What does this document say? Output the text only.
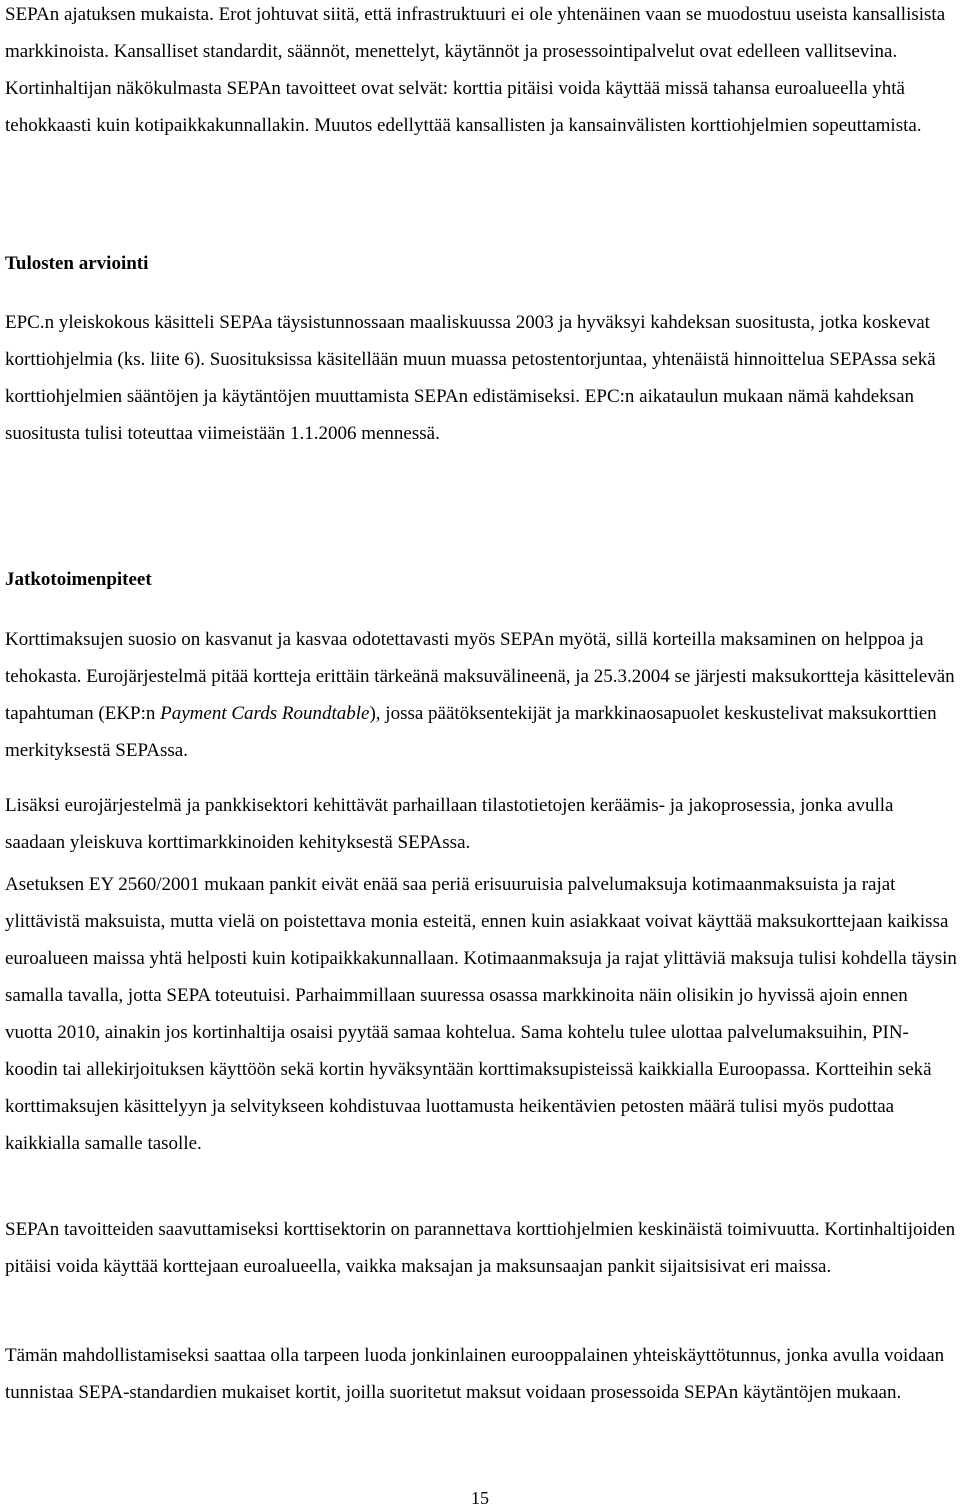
SEPAn ajatuksen mukaista. Erot johtuvat siitä, että infrastruktuuri ei ole yhtenäinen vaan se muodostuu useista kansallisista markkinoista. Kansalliset standardit, säännöt, menettelyt, käytännöt ja prosessointipalvelut ovat edelleen vallitsevina. Kortinhaltijan näkökulmasta SEPAn tavoitteet ovat selvät: korttia pitäisi voida käyttää missä tahansa euroalueella yhtä tehokkaasti kuin kotipaikkakunnallakin. Muutos edellyttää kansallisten ja kansainvälisten korttiohjelmien sopeuttamista.

Tulosten arviointi

EPC.n yleiskokous käsitteli SEPAa täysistunnossaan maaliskuussa 2003 ja hyväksyi kahdeksan suositusta, jotka koskevat korttiohjelmia (ks. liite 6). Suosituksissa käsitellään muun muassa petostentorjuntaa, yhtenäistä hinnoittelua SEPAssa sekä korttiohjelmien sääntöjen ja käytäntöjen muuttamista SEPAn edistämiseksi. EPC:n aikataulun mukaan nämä kahdeksan suositusta tulisi toteuttaa viimeistään 1.1.2006 mennessä.

Jatkotoimenpiteet

Korttimaksujen suosio on kasvanut ja kasvaa odotettavasti myös SEPAn myötä, sillä korteilla maksaminen on helppoa ja tehokasta. Eurojärjestelmä pitää kortteja erittäin tärkeänä maksuvälineenä, ja 25.3.2004 se järjesti maksukortteja käsittelevän tapahtuman (EKP:n Payment Cards Roundtable), jossa päätöksentekijät ja markkinaosapuolet keskustelivat maksukorttien merkityksestä SEPAssa.

Lisäksi eurojärjestelmä ja pankkisektori kehittävät parhaillaan tilastotietojen keräämis- ja jakoprosessia, jonka avulla saadaan yleiskuva korttimarkkinoiden kehityksestä SEPAssa.

Asetuksen EY 2560/2001 mukaan pankit eivät enää saa periä erisuuruisia palvelumaksuja kotimaanmaksuista ja rajat ylittävistä maksuista, mutta vielä on poistettava monia esteitä, ennen kuin asiakkaat voivat käyttää maksukorttejaan kaikissa euroalueen maissa yhtä helposti kuin kotipaikkakunnallaan. Kotimaanmaksuja ja rajat ylittäviä maksuja tulisi kohdella täysin samalla tavalla, jotta SEPA toteutuisi. Parhaimmillaan suuressa osassa markkinoita näin olisikin jo hyvissä ajoin ennen vuotta 2010, ainakin jos kortinhaltija osaisi pyytää samaa kohtelua. Sama kohtelu tulee ulottaa palvelumaksuihin, PIN-koodin tai allekirjoituksen käyttöön sekä kortin hyväksyntään korttimaksupisteissä kaikkialla Euroopassa. Kortteihin sekä korttimaksujen käsittelyyn ja selvitykseen kohdistuvaa luottamusta heikentävien petosten määrä tulisi myös pudottaa kaikkialla samalle tasolle.

SEPAn tavoitteiden saavuttamiseksi korttisektorin on parannettava korttiohjelmien keskinäistä toimivuutta. Kortinhaltijoiden pitäisi voida käyttää korttejaan euroalueella, vaikka maksajan ja maksunsaajan pankit sijaitsisivat eri maissa.

Tämän mahdollistamiseksi saattaa olla tarpeen luoda jonkinlainen eurooppalainen yhteiskäyttötunnus, jonka avulla voidaan tunnistaa SEPA-standardien mukaiset kortit, joilla suoritetut maksut voidaan prosessoida SEPAn käytäntöjen mukaan.

15
